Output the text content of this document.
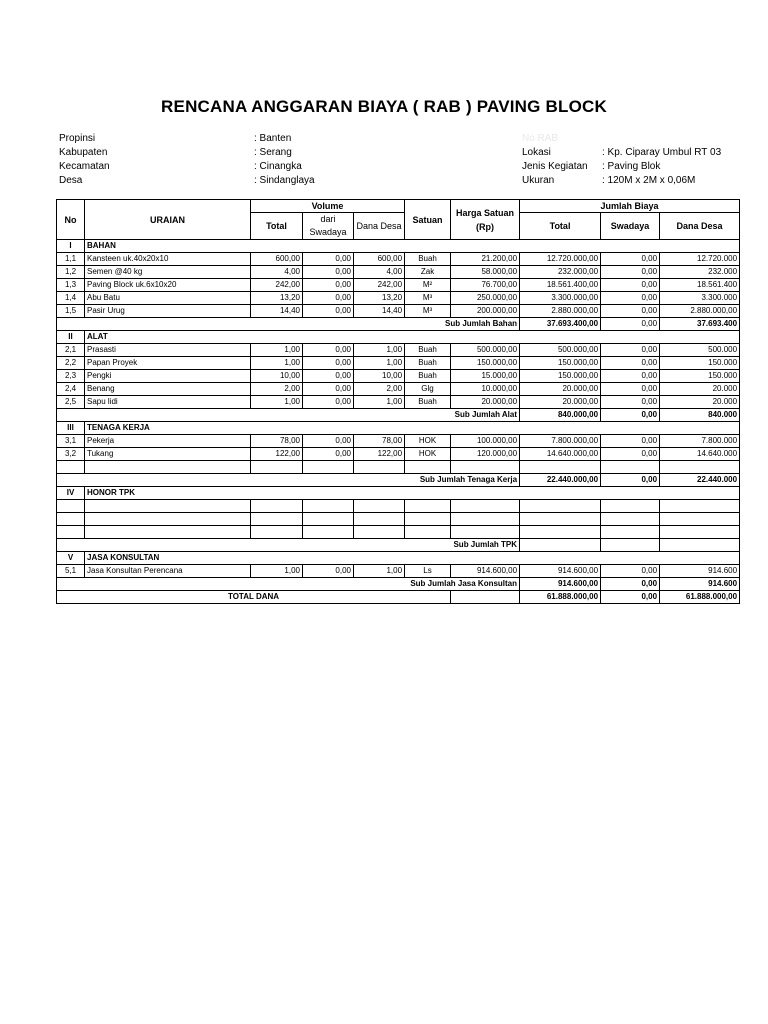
RENCANA ANGGARAN BIAYA ( RAB ) PAVING BLOCK
Propinsi	: Banten
Kabupaten	: Serang
Kecamatan	: Cinangka
Desa	: Sindanglaya
No RAB
Lokasi	: Kp. Ciparay Umbul RT 03
Jenis Kegiatan : Paving Blok
Ukuran	: 120M x 2M x 0,06M
No	URAIAN	Volume			Satuan	Harga Satuan (Rp)	Jumlah Biaya		
		Total	dari Swadaya	Dana Desa			Total	Swadaya	Dana Desa
I	BAHAN								
1,1	Kansteen uk.40x20x10	600,00	0,00	600,00	Buah	21.200,00	12.720.000,00	0,00	12.720.000
1,2	Semen @40 kg	4,00	0,00	4,00	Zak	58.000,00	232.000,00	0,00	232.000
1,3	Paving Block uk.6x10x20	242,00	0,00	242,00	M²	76.700,00	18.561.400,00	0,00	18.561.400
1,4	Abu Batu	13,20	0,00	13,20	M³	250.000,00	3.300.000,00	0,00	3.300.000
1,5	Pasir Urug	14,40	0,00	14,40	M³	200.000,00	2.880.000,00	0,00	2.880.000,00
Sub Jumlah Bahan							37.693.400,00	0,00	37.693.400
II	ALAT								
2,1	Prasasti	1,00	0,00	1,00	Buah	500.000,00	500.000,00	0,00	500.000
2,2	Papan Proyek	1,00	0,00	1,00	Buah	150.000,00	150.000,00	0,00	150.000
2,3	Pengki	10,00	0,00	10,00	Buah	15.000,00	150.000,00	0,00	150.000
2,4	Benang	2,00	0,00	2,00	Glg	10.000,00	20.000,00	0,00	20.000
2,5	Sapu lidi	1,00	0,00	1,00	Buah	20.000,00	20.000,00	0,00	20.000
Sub Jumlah Alat							840.000,00	0,00	840.000
III	TENAGA KERJA								
3,1	Pekerja	78,00	0,00	78,00	HOK	100.000,00	7.800.000,00	0,00	7.800.000
3,2	Tukang	122,00	0,00	122,00	HOK	120.000,00	14.640.000,00	0,00	14.640.000

Sub Jumlah Tenaga Kerja							22.440.000,00	0,00	22.440.000
IV	HONOR TPK								

Sub Jumlah TPK									
V	JASA KONSULTAN								
5,1	Jasa Konsultan Perencana	1,00	0,00	1,00	Ls	914.600,00	914.600,00	0,00	914.600
Sub Jumlah Jasa Konsultan							914.600,00	0,00	914.600
TOTAL DANA							61.888.000,00	0,00	61.888.000,00
